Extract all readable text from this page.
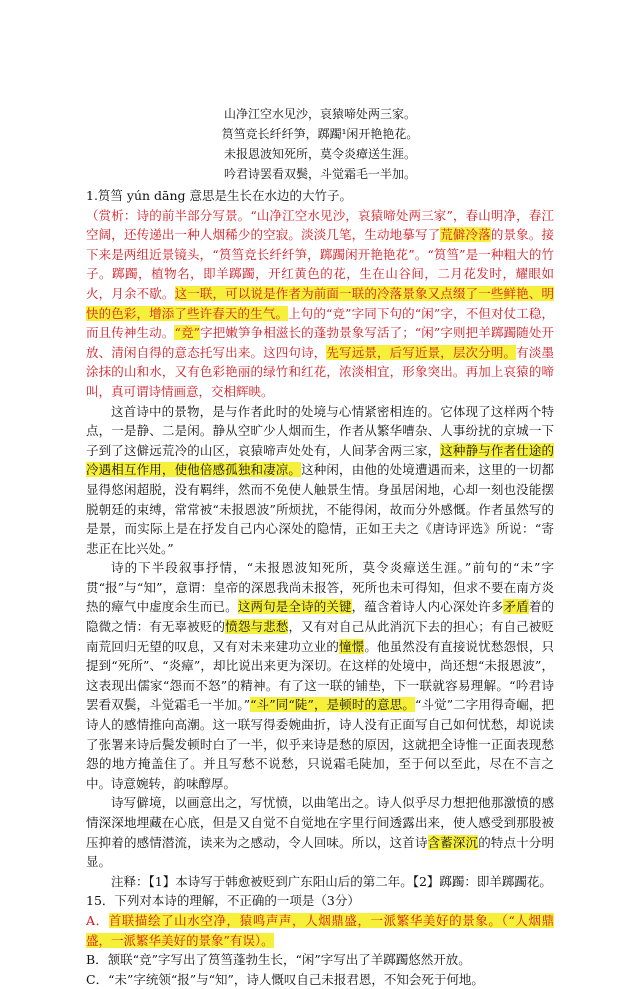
山净江空水见沙，哀猿啼处两三家。
筼筜竞长纤纤笋，踯躅¹闲开艳艳花。
未报恩波知死所，莫令炎瘴送生涯。
吟君诗罢看双鬓，斗觉霜毛一半加。

1.筼筜 yún dāng 意思是生长在水边的大竹子。

（赏析：诗的前半部分写景。“山净江空水见沙，哀猿啼处两三家”，春山明净，春江空阔，还传递出一种人烟稀少的空寂。淡淡几笔，生动地摹写了荒僻冷落的景象。接下来是两组近景镜头，“筼筜竞长纤纤笋，踯躅闲开艳艳花”。“筼筜”是一种粗大的竹子。踯躅，植物名，即羊踯躅，开红黄色的花，生在山谷间，二月花发时，耀眼如火，月余不歇。这一联，可以说是作者为前面一联的冷落景象又点缀了一些鲜艳、明快的色彩，增添了些许春天的生气。上句的“竞”字同下句的“闲”字，不但对仗工稳，而且传神生动。“竞”字把嫩笋争相滋长的蓬勃景象写活了；“闲”字则把羊踯躅随处开放、清闲自得的意态托写出来。这四句诗，先写远景，后写近景，层次分明。有淡墨涂抹的山和水，又有色彩艳丽的绿竹和红花，浓淡相宜，形象突出。再加上哀猿的啼叫，真可谓诗情画意，交相辉映。

这首诗中的景物，是与作者此时的处境与心情紧密相连的。它体现了这样两个特点，一是静、二是闲。静从空旷少人烟而生，作者从繁华嘈杂、人事纷扰的京城一下子到了这僻远荒冷的山区，哀猿啼声处处有，人间茅舍两三家，这种静与作者仕途的冷遇相互作用，使他倍感孤独和凄凉。这种闲，由他的处境遭遇而来，这里的一切都显得悠闲超脱，没有羁绊，然而不免使人触景生情。身虽居闲地，心却一刻也没能摆脱朝廷的束缚，常常被“未报恩波”所烦扰，不能得闲，故而分外感慨。作者虽然写的是景，而实际上是在抒发自己内心深处的隐情，正如王夫之《唐诗评选》所说：“寄悲正在比兴处。”

诗的下半段叙事抒情，“未报恩波知死所，莫令炎瘴送生涯。”前句的“未”字贯“报”与“知”，意谓：皇帝的深恩我尚未报答，死所也未可得知，但求不要在南方炎热的瘴气中虚度余生而已。这两句是全诗的关键，蕴含着诗人内心深处许多矛盾着的隐微之情：有无辜被贬的愤怨与悲愁，又有对自己从此消沉下去的担心；有自己被贬南荒回归无望的叹息，又有对未来建功立业的憧憬。他虽然没有直接说忧愁怨恨，只提到“死所”、“炎瘴”，却比说出来更为深切。在这样的处境中，尚还想“未报恩波”，这表现出儒家“怨而不怒”的精神。有了这一联的铺垫，下一联就容易理解。“吟君诗罢看双鬓，斗觉霜毛一半加。”“斗”同“陡”，是顿时的意思。“斗觉”二字用得奇崛，把诗人的感情推向高潮。这一联写得委婉曲折，诗人没有正面写自己如何忧愁，却说读了张署来诗后鬓发顿时白了一半，似乎来诗是愁的原因，这就把全诗惟一正面表现愁怨的地方掩盖住了。并且写愁不说愁，只说霜毛陡加，至于何以至此，尽在不言之中。诗意婉转，韵味醇厚。

诗写僻境，以画意出之，写忧愤，以曲笔出之。诗人似乎尽力想把他那激愤的感情深深地埋藏在心底，但是又自觉不自觉地在字里行间透露出来，使人感受到那股被压抑着的感情潜流，读来为之感动，令人回味。所以，这首诗含蓄深沉的特点十分明显。

注释：【1】本诗写于韩愈被贬到广东阳山后的第二年。【2】踯躅：即羊踯躅花。

15．下列对本诗的理解，不正确的一项是（3分）

A．首联描绘了山水空净，猿鸣声声，人烟鼎盛，一派繁华美好的景象。（“人烟鼎盛，一派繁华美好的景象”有误）。

B．颔联“竞”字写出了筼筜蓬勃生长，“闲”字写出了羊踯躅悠然开放。

C．“未”字统领“报”与“知”，诗人慨叹自己未报君恩，不知会死于何地。
